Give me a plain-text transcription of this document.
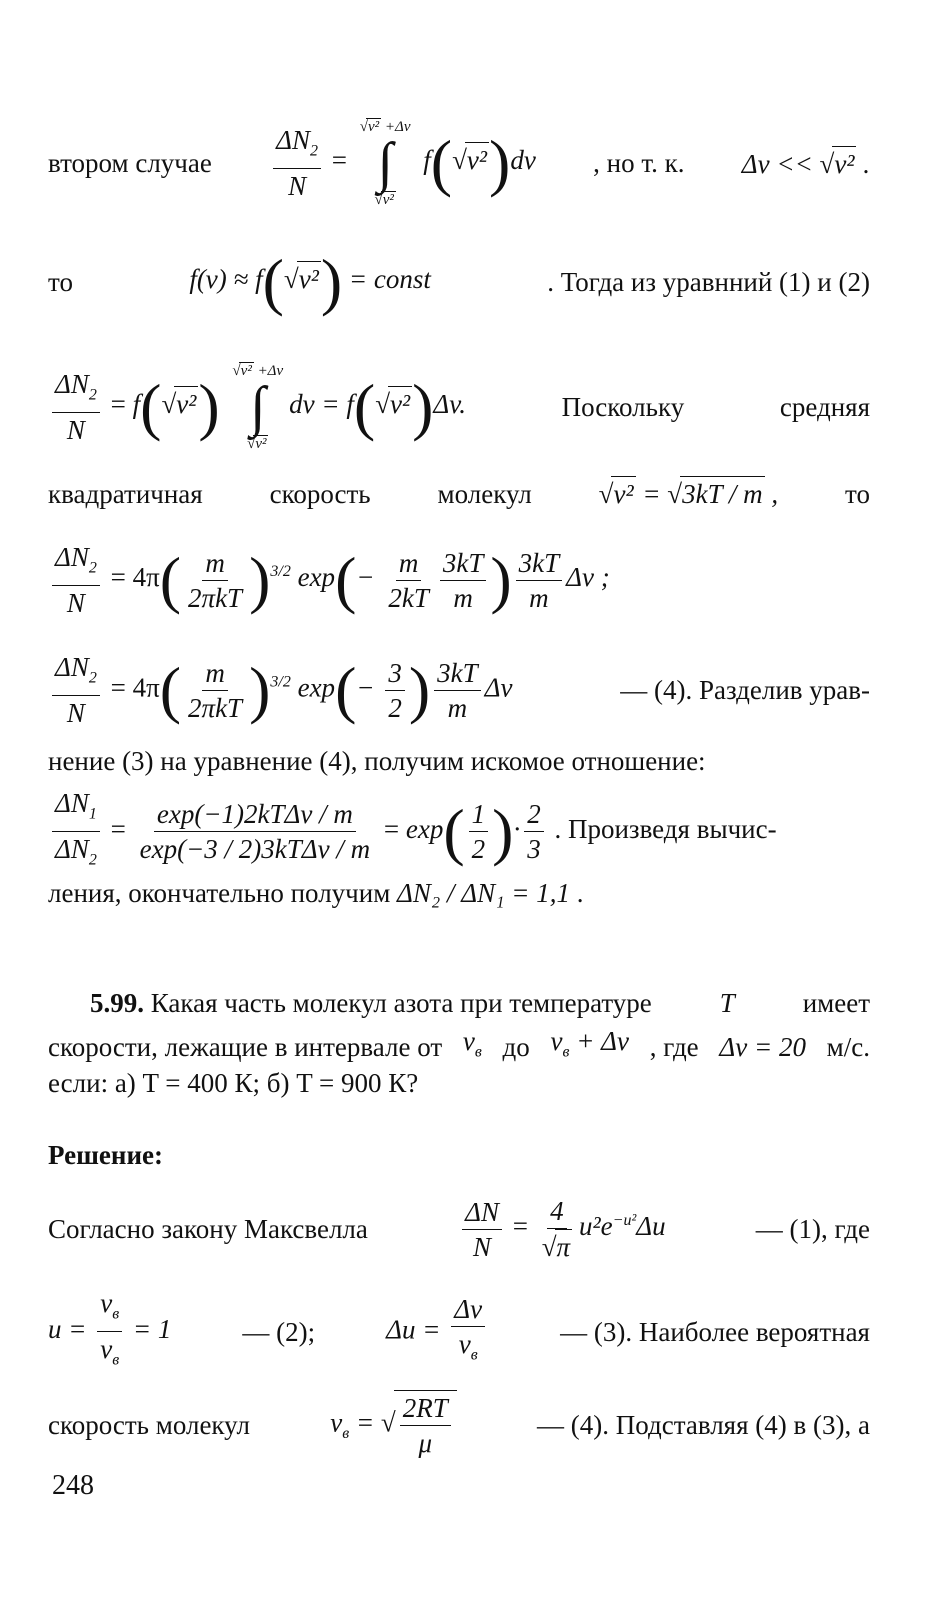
втором случае $\frac{\Delta N_2}{N}$ =
√v² +Δv
∫
√v²
f(√v²)dv , но т. к. Δv << √v² .
то	f(v) ≈ f(√v²) = const	. Тогда из уравнний (1) и (2)
$\frac{\Delta N_2}{N} = f(√v^2)$ √v² +Δv
∫
√v²
dv = f(√v²)Δv.	Поскольку	средняя
квадратичная скорость молекул √v² = √3kT / m , то
$\frac{\Delta N_2}{N} = 4\pi( \frac{m}{\text{2πkT}} )^{3/2}$ $\exp(- \frac{m}{2kT} \frac{3kT}{m}$ ) $\frac{3kT}{m}$ Δv ;
$\frac{\Delta N_2}{N} = 4\pi( \frac{m}{\text{2πkT}} )^{3/2}$ $\exp(- \frac{3}{2}$ ) $\frac{3kT}{m}$ Δv	— (4). Разделив урав-
нение (3) на уравнение (4), получим искомое отношение:
$\frac{\Delta N_1}{\Delta N_2} = \frac{\text{exp(−1)2kTΔv / m}}{\text{exp(−3 / 2)3kTΔv / m}} = \exp( \frac{1}{2}$ )· $\frac{2}{3}$ . Произведя вычис-
ления, окончательно получим ΔN₂ / ΔN₁ = 1,1 .
5.99. Какая часть молекул азота при температуре	T	имеет
скорости, лежащие в интервале от $v_в$ до $v_в + \Delta v$ , где Δv = 20 м/с.
если: а) T = 400 К; б) T = 900 К?
Решение:
Согласно закону Максвелла	$\frac{\Delta N}{N} = \frac{4}{√\pi} u^2e^{-u^2}\Delta u$	— (1), где
$u = \frac{v_в}{v_в} = 1$	— (2);	$\Delta u = \frac{\Delta v}{v_в}$	— (3). Наиболее вероятная
скорость молекул	$v_в$ = √ $\frac{2RT}{\mu}$	— (4). Подставляя (4) в (3), а
248
